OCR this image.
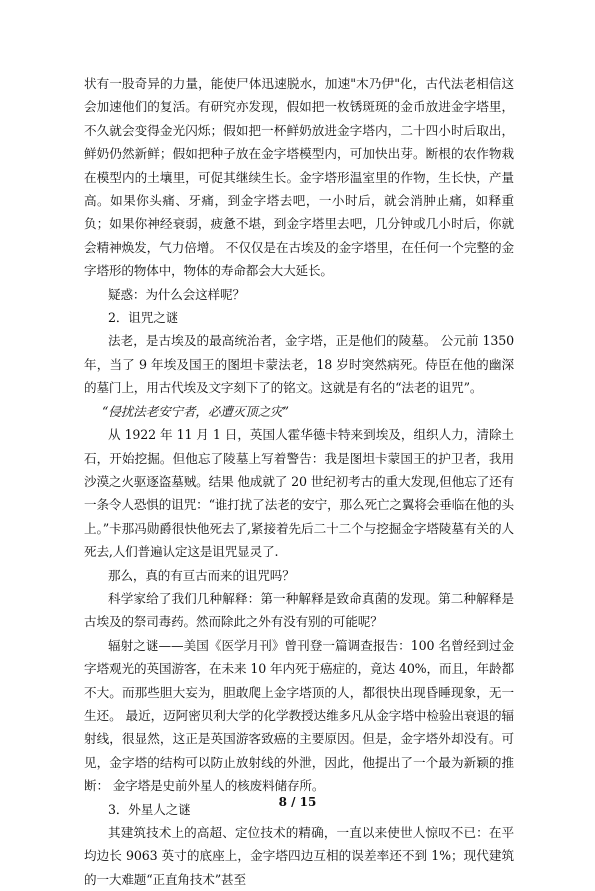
状有一股奇异的力量，能使尸体迅速脱水，加速"木乃伊"化，古代法老相信这会加速他们的复活。有研究亦发现，假如把一枚锈斑斑的金币放进金字塔里，不久就会变得金光闪烁；假如把一杯鲜奶放进金字塔内，二十四小时后取出，鲜奶仍然新鲜；假如把种子放在金字塔模型内，可加快出芽。断根的农作物栽在模型内的土壤里，可促其继续生长。金字塔形温室里的作物，生长快，产量高。如果你头痛、牙痛，到金字塔去吧，一小时后，就会消肿止痛，如释重负；如果你神经衰弱，疲惫不堪，到金字塔里去吧，几分钟或几小时后，你就会精神焕发，气力倍增。 不仅仅是在古埃及的金字塔里，在任何一个完整的金字塔形的物体中，物体的寿命都会大大延长。

疑惑：为什么会这样呢？

2．诅咒之谜

法老，是古埃及的最高统治者，金字塔，正是他们的陵墓。 公元前 1350 年，当了 9 年埃及国王的图坦卡蒙法老，18 岁时突然病死。侍臣在他的幽深的墓门上，用古代埃及文字刻下了的铭文。这就是有名的“法老的诅咒”。

“侵扰法老安宁者，必遭灭顶之灾”

从 1922 年 11 月 1 日，英国人霍华德卡特来到埃及，组织人力，清除土石，开始挖掘。但他忘了陵墓上写着警告：我是图坦卡蒙国王的护卫者，我用沙漠之火驱逐盗墓贼。结果 他成就了 20 世纪初考古的重大发现,但他忘了还有一条令人恐惧的诅咒：“谁打扰了法老的安宁，那么死亡之翼将会垂临在他的头上。”卡那冯勋爵很快他死去了,紧接着先后二十二个与挖掘金字塔陵墓有关的人死去,人们普遍认定这是诅咒显灵了.

那么，真的有亘古而来的诅咒吗？

科学家给了我们几种解释：第一种解释是致命真菌的发现。第二种解释是古埃及的祭司毒药。然而除此之外有没有别的可能呢？

辐射之谜——美国《医学月刊》曾刊登一篇调查报告：100 名曾经到过金字塔观光的英国游客，在未来 10 年内死于癌症的，竟达 40%，而且，年龄都不大。而那些胆大妄为，胆敢爬上金字塔顶的人，都很快出现昏睡现象，无一生还。 最近，迈阿密贝利大学的化学教授达维多凡从金字塔中检验出衰退的辐射线，很显然，这正是英国游客致癌的主要原因。但是，金字塔外却没有。可见，金字塔的结构可以防止放射线的外泄，因此，他提出了一个最为新颖的推断： 金字塔是史前外星人的核废料储存所。

3．外星人之谜

其建筑技术上的高超、定位技术的精确，一直以来使世人惊叹不已：在平均边长 9063 英寸的底座上，金字塔四边互相的误差率还不到 1%；现代建筑的一大难题“正直角技术”甚至

8 / 15
